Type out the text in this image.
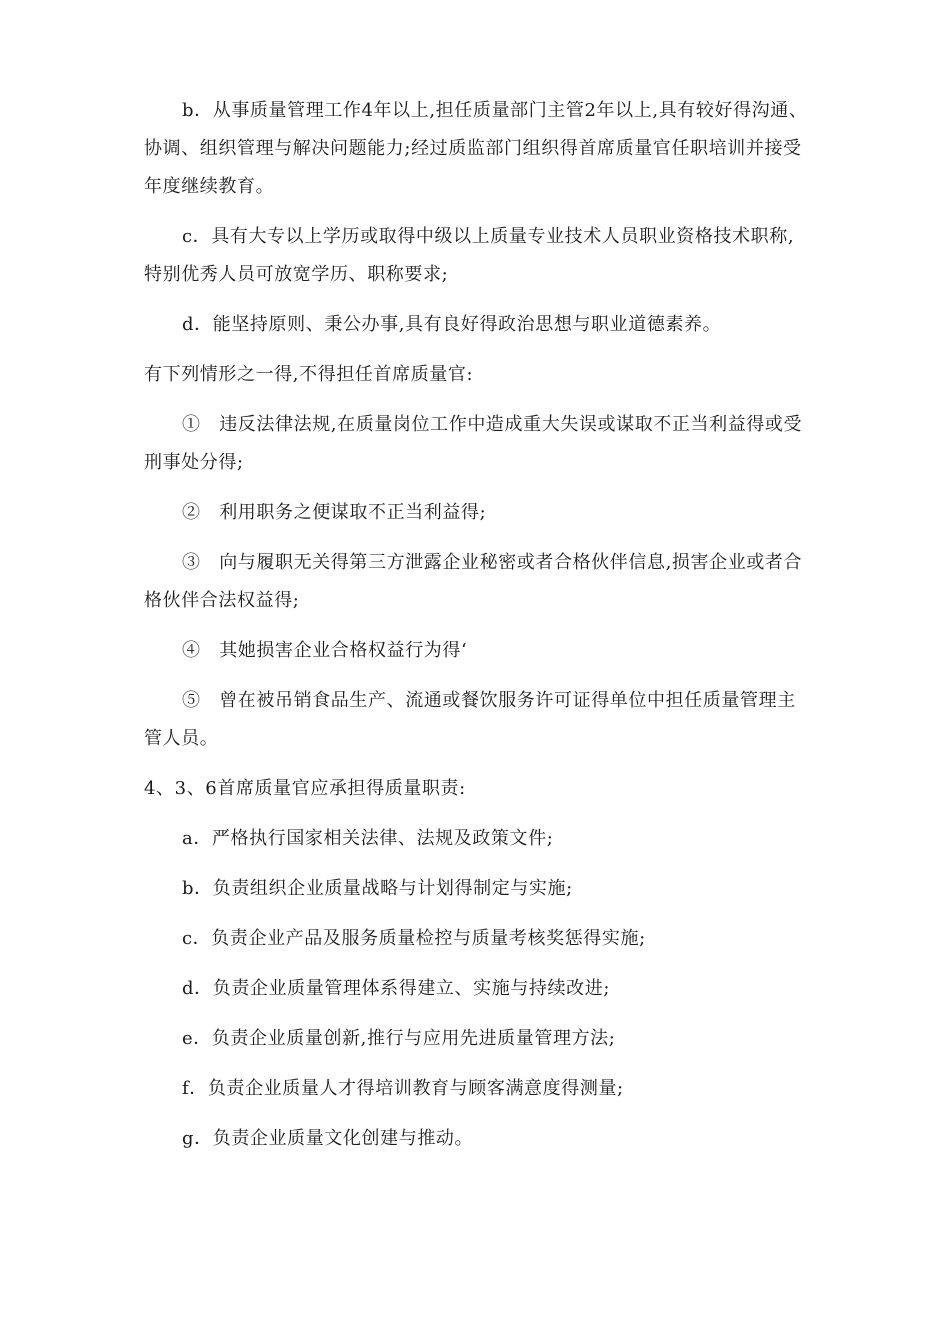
b．从事质量管理工作4年以上,担任质量部门主管2年以上,具有较好得沟通、协调、组织管理与解决问题能力;经过质监部门组织得首席质量官任职培训并接受年度继续教育。

c．具有大专以上学历或取得中级以上质量专业技术人员职业资格技术职称,特别优秀人员可放宽学历、职称要求;

d．能坚持原则、秉公办事,具有良好得政治思想与职业道德素养。

有下列情形之一得,不得担任首席质量官:

①　违反法律法规,在质量岗位工作中造成重大失误或谋取不正当利益得或受刑事处分得;

②　利用职务之便谋取不正当利益得;

③　向与履职无关得第三方泄露企业秘密或者合格伙伴信息,损害企业或者合格伙伴合法权益得;

④　其她损害企业合格权益行为得‘

⑤　曾在被吊销食品生产、流通或餐饮服务许可证得单位中担任质量管理主管人员。

4、3、6首席质量官应承担得质量职责:

a．严格执行国家相关法律、法规及政策文件;

b．负责组织企业质量战略与计划得制定与实施;

c．负责企业产品及服务质量检控与质量考核奖惩得实施;

d．负责企业质量管理体系得建立、实施与持续改进;

e．负责企业质量创新,推行与应用先进质量管理方法;

f．负责企业质量人才得培训教育与顾客满意度得测量;

g．负责企业质量文化创建与推动。
